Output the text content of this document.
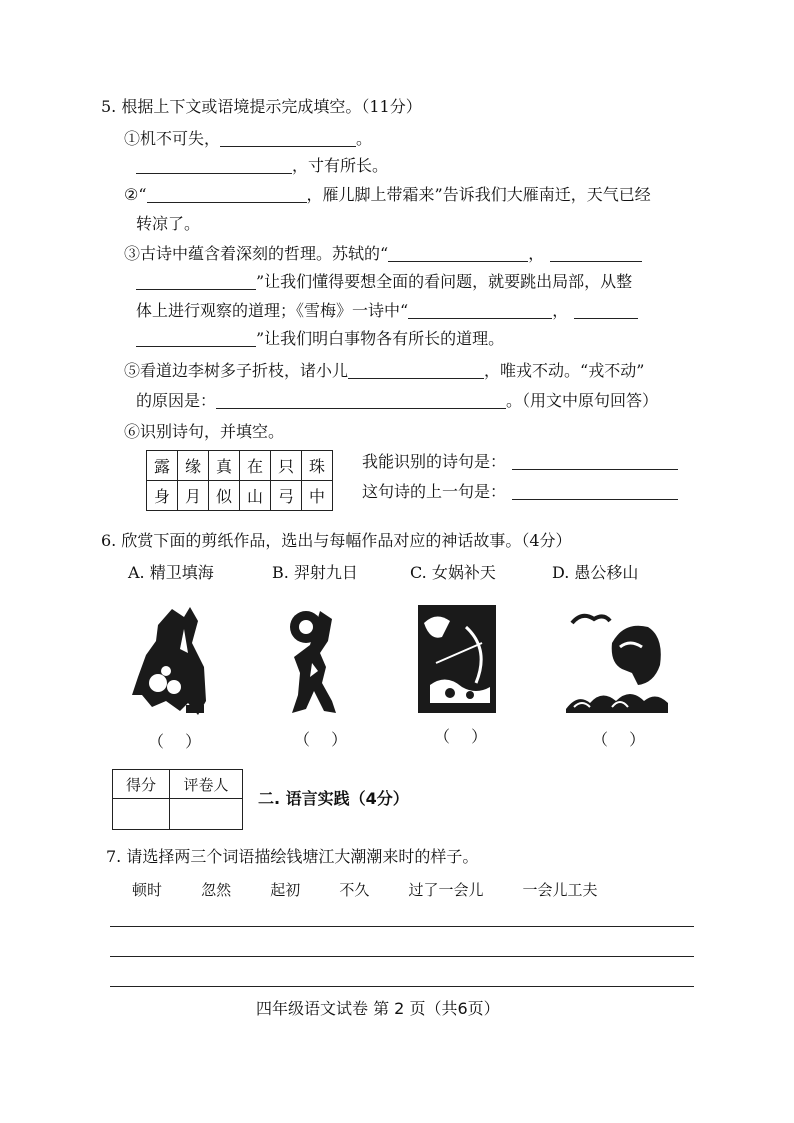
5. 根据上下文或语境提示完成填空。（11分）
①机不可失，	。
，寸有所长。
②“	，雁儿脚上带霜来”告诉我们大雁南迁，天气已经
转凉了。
③古诗中蕴含着深刻的哲理。苏轼的“	，
”让我们懂得要想全面的看问题，就要跳出局部，从整
体上进行观察的道理；《雪梅》一诗中“	，
”让我们明白事物各有所长的道理。
⑤看道边李树多子折枝，诸小儿	，唯戎不动。“戎不动”
的原因是：	。（用文中原句回答）
⑥识别诗句，并填空。
露	缘	真	在	只	珠
身	月	似	山	弓	中
我能识别的诗句是：
这句诗的上一句是：
6. 欣赏下面的剪纸作品，选出与每幅作品对应的神话故事。（4分）
A. 精卫填海	B. 羿射九日	C. 女娲补天	D. 愚公移山
（ ）	（ ）	（ ）	（ ）
得分	评卷人

二. 语言实践（4分）
7. 请选择两三个词语描绘钱塘江大潮潮来时的样子。
顿时	忽然	起初	不久	过了一会儿	一会儿工夫
四年级语文试卷 第 2 页（共6页）
